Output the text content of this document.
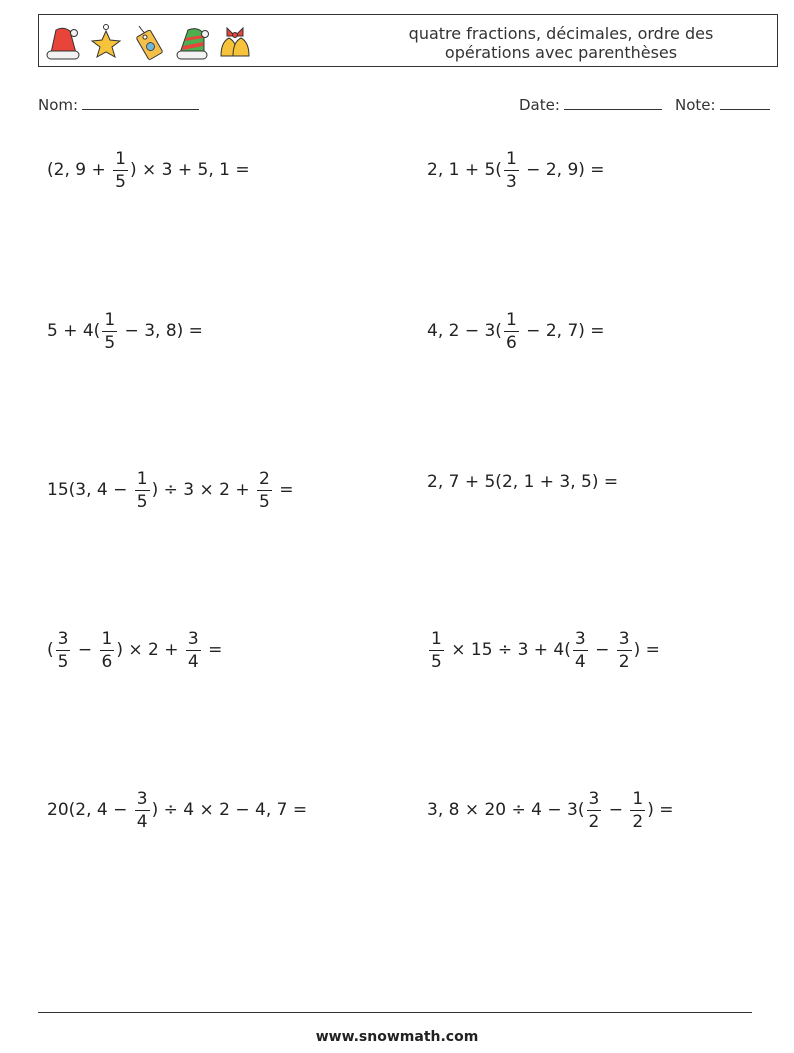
quatre fractions, décimales, ordre des
opérations avec parenthèses
Nom:	Date:	Note:
(2, $9 + \frac{1}{5}$ ) × 3 + 5, 1 =	2, $1 + 5( \frac{1}{3} - 2$, 9) =
$5 + 4( \frac{1}{5} - 3$, 8) =	4, $2 - 3( \frac{1}{6} - 2$, 7) =
15(3, $4 - \frac{1}{5}$ ) ÷ $3 \times 2 + \frac{2}{5}$ =	2, 7 + 5(2, 1 + 3, 5) =
( $\frac{3}{5} - \frac{1}{6}$ ) × $2 + \frac{3}{4}$ =	$\frac{1}{5} \times 15 \div 3 + 4( \frac{3}{4} - \frac{3}{2}$ ) =
20(2, $4 - \frac{3}{4}$ ) ÷ 4 × 2 − 4, 7 =	3, $8 \times 20 \div 4 - 3( \frac{3}{2} - \frac{1}{2}$ ) =
www.snowmath.com
